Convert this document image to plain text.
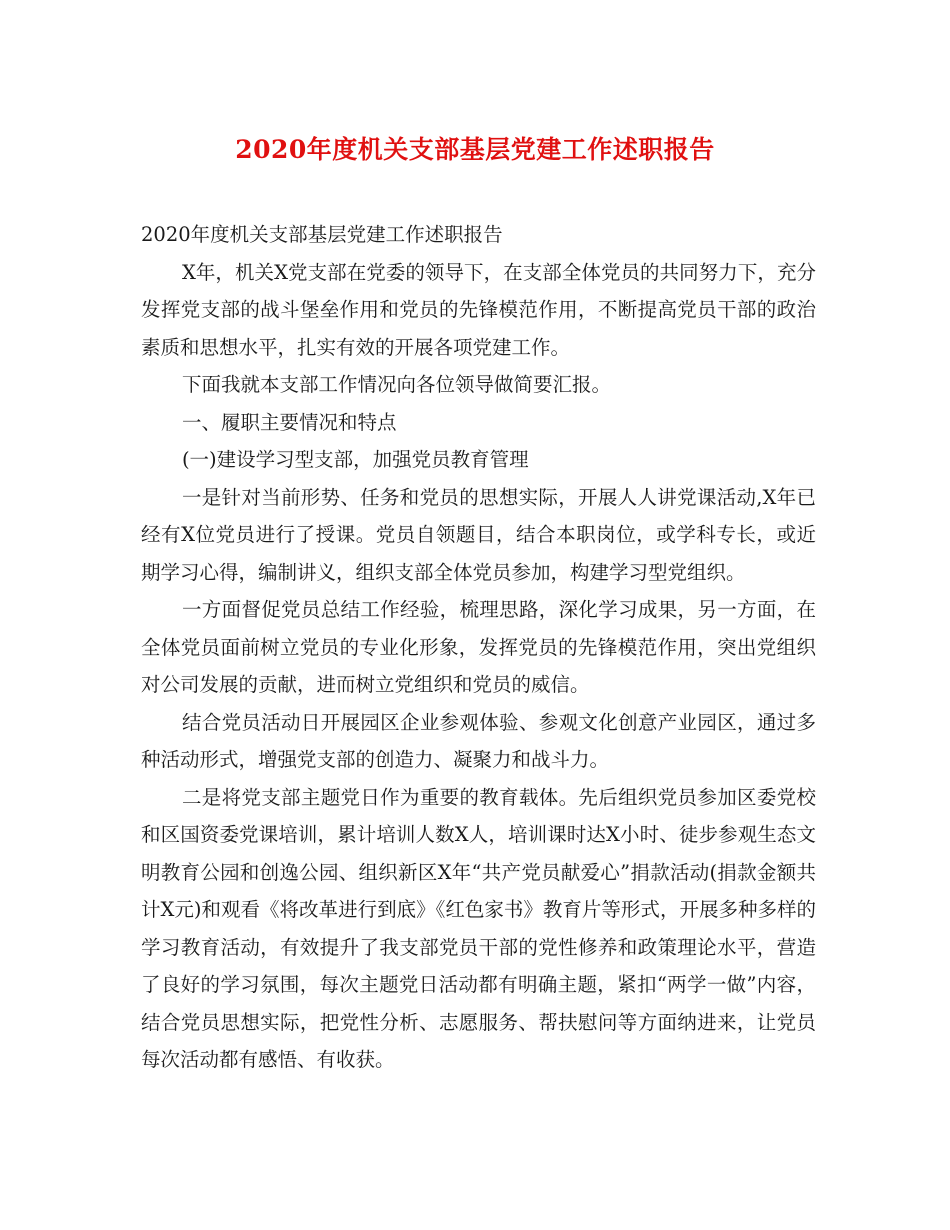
2020年度机关支部基层党建工作述职报告

2020年度机关支部基层党建工作述职报告

X年，机关X党支部在党委的领导下，在支部全体党员的共同努力下，充分发挥党支部的战斗堡垒作用和党员的先锋模范作用，不断提高党员干部的政治素质和思想水平，扎实有效的开展各项党建工作。

下面我就本支部工作情况向各位领导做简要汇报。

一、履职主要情况和特点

(一)建设学习型支部，加强党员教育管理

一是针对当前形势、任务和党员的思想实际，开展人人讲党课活动,X年已经有X位党员进行了授课。党员自领题目，结合本职岗位，或学科专长，或近期学习心得，编制讲义，组织支部全体党员参加，构建学习型党组织。

一方面督促党员总结工作经验，梳理思路，深化学习成果，另一方面，在全体党员面前树立党员的专业化形象，发挥党员的先锋模范作用，突出党组织对公司发展的贡献，进而树立党组织和党员的威信。

结合党员活动日开展园区企业参观体验、参观文化创意产业园区，通过多种活动形式，增强党支部的创造力、凝聚力和战斗力。

二是将党支部主题党日作为重要的教育载体。先后组织党员参加区委党校和区国资委党课培训，累计培训人数X人，培训课时达X小时、徒步参观生态文明教育公园和创逸公园、组织新区X年“共产党员献爱心”捐款活动(捐款金额共计X元)和观看《将改革进行到底》《红色家书》教育片等形式，开展多种多样的学习教育活动，有效提升了我支部党员干部的党性修养和政策理论水平，营造了良好的学习氛围，每次主题党日活动都有明确主题，紧扣“两学一做”内容，结合党员思想实际，把党性分析、志愿服务、帮扶慰问等方面纳进来，让党员每次活动都有感悟、有收获。
